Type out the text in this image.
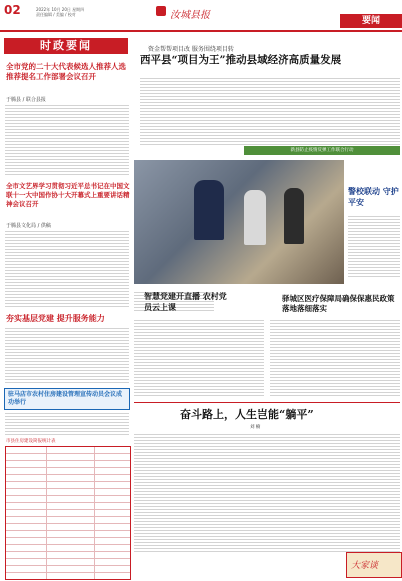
02	2022年 10月 20日 星期四
责任编辑 / 美编 / 校对	汝城县报	要闻
时政要闻
全市党的二十大代表候选人推荐人选推荐提名工作部署会议召开
于腾县 / 联合县报
资金帮帮项目改 服务围绕项目转
西平县“项目为王”推动县域经济高质量发展
新县防止疫情反弹工作联合行动
全市文艺界学习贯彻习近平总书记在中国文联十一大中国作协十大开幕式上重要讲话精神会议召开
于腾县文化局 / 供稿
警校联动 守护平安
夯实基层党建 提升服务能力
智慧党建开直播 农村党员云上课
驿城区医疗保障局确保保惠民政策落地落细落实
驻马店市农村住房建设管理宣传动员会议成功举行
市县住房建设简报统计表
奋斗路上，人生岂能“躺平”
刘 楠
大家谈
